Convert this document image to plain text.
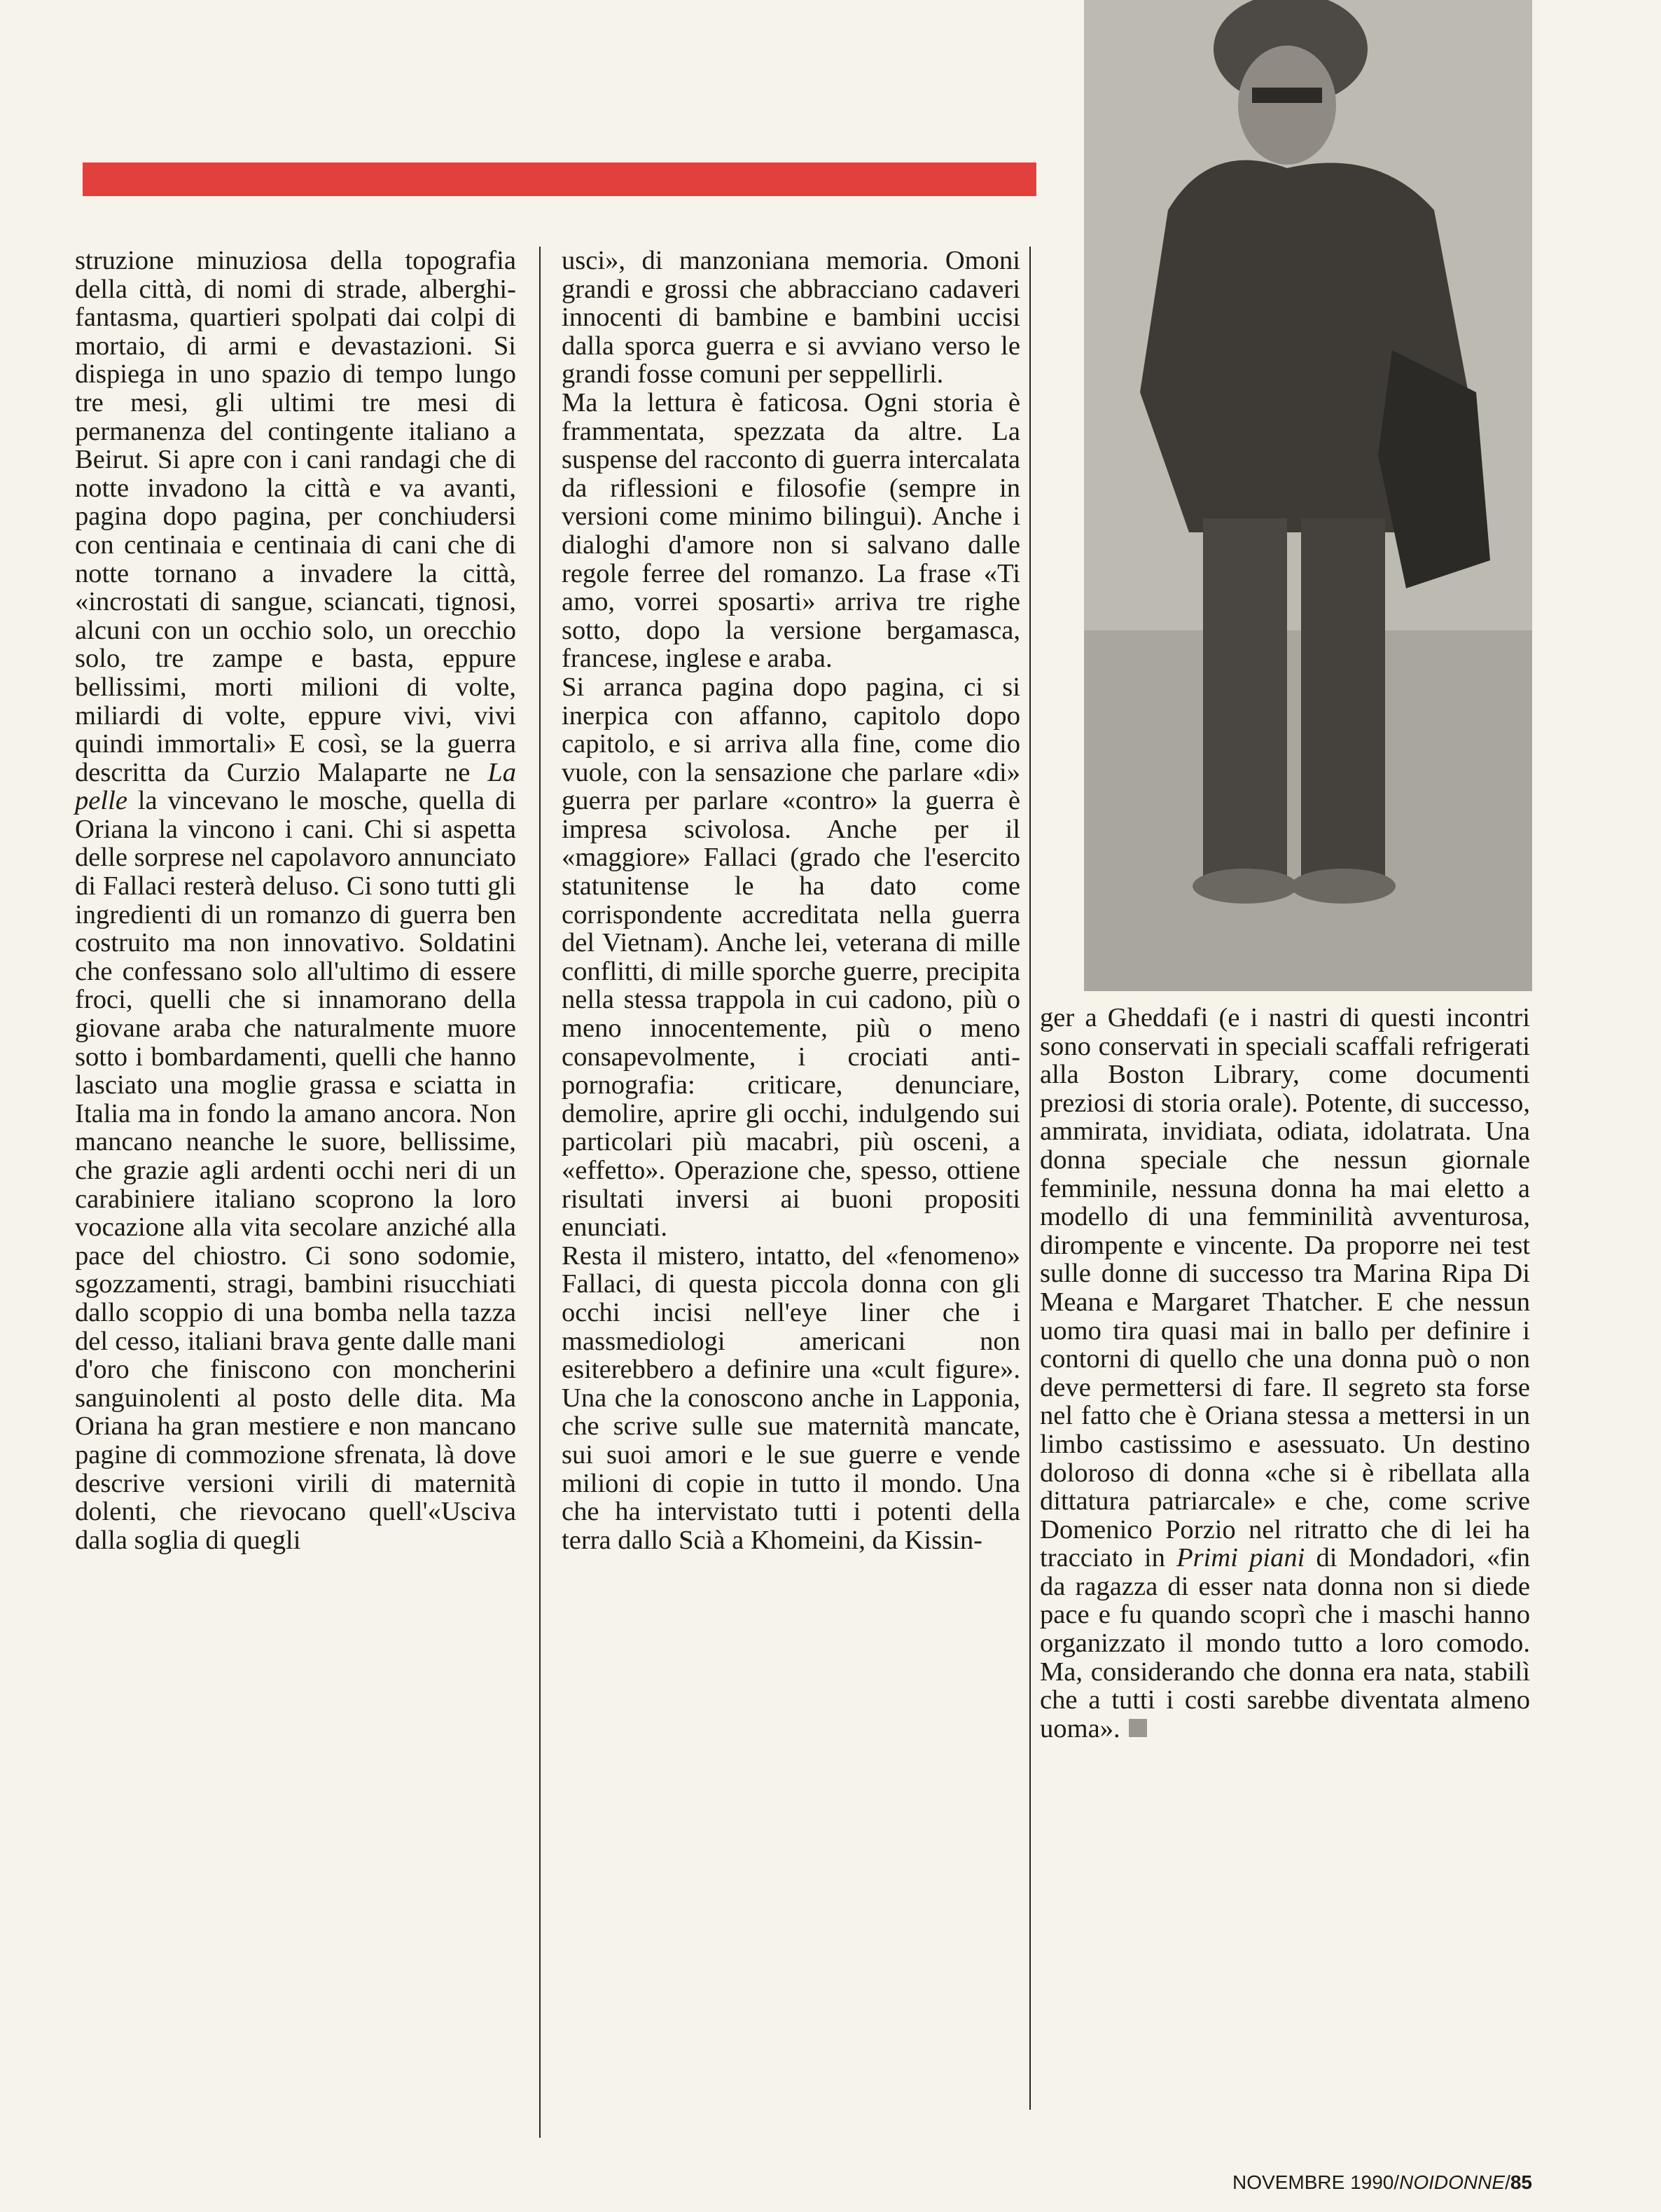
struzione minuziosa della topografia della città, di nomi di strade, alberghi-fantasma, quartieri spolpati dai colpi di mortaio, di armi e devastazioni. Si dispiega in uno spazio di tempo lungo tre mesi, gli ultimi tre mesi di permanenza del contingente italiano a Beirut. Si apre con i cani randagi che di notte invadono la città e va avanti, pagina dopo pagina, per conchiudersi con centinaia e centinaia di cani che di notte tornano a invadere la città, «incrostati di sangue, sciancati, tignosi, alcuni con un occhio solo, un orecchio solo, tre zampe e basta, eppure bellissimi, morti milioni di volte, miliardi di volte, eppure vivi, vivi quindi immortali» E così, se la guerra descritta da Curzio Malaparte ne La pelle la vincevano le mosche, quella di Oriana la vincono i cani. Chi si aspetta delle sorprese nel capolavoro annunciato di Fallaci resterà deluso. Ci sono tutti gli ingredienti di un romanzo di guerra ben costruito ma non innovativo. Soldatini che confessano solo all'ultimo di essere froci, quelli che si innamorano della giovane araba che naturalmente muore sotto i bombardamenti, quelli che hanno lasciato una moglie grassa e sciatta in Italia ma in fondo la amano ancora. Non mancano neanche le suore, bellissime, che grazie agli ardenti occhi neri di un carabiniere italiano scoprono la loro vocazione alla vita secolare anziché alla pace del chiostro. Ci sono sodomie, sgozzamenti, stragi, bambini risucchiati dallo scoppio di una bomba nella tazza del cesso, italiani brava gente dalle mani d'oro che finiscono con moncherini sanguinolenti al posto delle dita. Ma Oriana ha gran mestiere e non mancano pagine di commozione sfrenata, là dove descrive versioni virili di maternità dolenti, che rievocano quell'«Usciva dalla soglia di quegli

usci», di manzoniana memoria. Omoni grandi e grossi che abbracciano cadaveri innocenti di bambine e bambini uccisi dalla sporca guerra e si avviano verso le grandi fosse comuni per seppellirli.

Ma la lettura è faticosa. Ogni storia è frammentata, spezzata da altre. La suspense del racconto di guerra intercalata da riflessioni e filosofie (sempre in versioni come minimo bilingui). Anche i dialoghi d'amore non si salvano dalle regole ferree del romanzo. La frase «Ti amo, vorrei sposarti» arriva tre righe sotto, dopo la versione bergamasca, francese, inglese e araba.

Si arranca pagina dopo pagina, ci si inerpica con affanno, capitolo dopo capitolo, e si arriva alla fine, come dio vuole, con la sensazione che parlare «di» guerra per parlare «contro» la guerra è impresa scivolosa. Anche per il «maggiore» Fallaci (grado che l'esercito statunitense le ha dato come corrispondente accreditata nella guerra del Vietnam). Anche lei, veterana di mille conflitti, di mille sporche guerre, precipita nella stessa trappola in cui cadono, più o meno innocentemente, più o meno consapevolmente, i crociati anti-pornografia: criticare, denunciare, demolire, aprire gli occhi, indulgendo sui particolari più macabri, più osceni, a «effetto». Operazione che, spesso, ottiene risultati inversi ai buoni propositi enunciati.

Resta il mistero, intatto, del «fenomeno» Fallaci, di questa piccola donna con gli occhi incisi nell'eye liner che i massmediologi americani non esiterebbero a definire una «cult figure». Una che la conoscono anche in Lapponia, che scrive sulle sue maternità mancate, sui suoi amori e le sue guerre e vende milioni di copie in tutto il mondo. Una che ha intervistato tutti i potenti della terra dallo Scià a Khomeini, da Kissin-

ger a Gheddafi (e i nastri di questi incontri sono conservati in speciali scaffali refrigerati alla Boston Library, come documenti preziosi di storia orale). Potente, di successo, ammirata, invidiata, odiata, idolatrata. Una donna speciale che nessun giornale femminile, nessuna donna ha mai eletto a modello di una femminilità avventurosa, dirompente e vincente. Da proporre nei test sulle donne di successo tra Marina Ripa Di Meana e Margaret Thatcher. E che nessun uomo tira quasi mai in ballo per definire i contorni di quello che una donna può o non deve permettersi di fare. Il segreto sta forse nel fatto che è Oriana stessa a mettersi in un limbo castissimo e asessuato. Un destino doloroso di donna «che si è ribellata alla dittatura patriarcale» e che, come scrive Domenico Porzio nel ritratto che di lei ha tracciato in Primi piani di Mondadori, «fin da ragazza di esser nata donna non si diede pace e fu quando scoprì che i maschi hanno organizzato il mondo tutto a loro comodo. Ma, considerando che donna era nata, stabilì che a tutti i costi sarebbe diventata almeno uoma».

NOVEMBRE 1990/NOIDONNE/85
